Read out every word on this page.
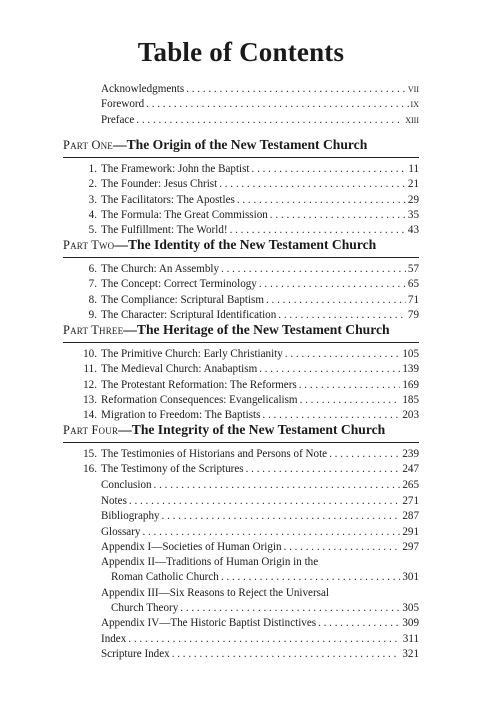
Table of Contents
Acknowledgments . . .	vii
Foreword . . .	ix
Preface . . .	xiii
Part One—The Origin of the New Testament Church
1. The Framework: John the Baptist . . .	11
2. The Founder: Jesus Christ . . .	21
3. The Facilitators: The Apostles . . .	29
4. The Formula: The Great Commission . . .	35
5. The Fulfillment: The World! . . .	43
Part Two—The Identity of the New Testament Church
6. The Church: An Assembly . . .	57
7. The Concept: Correct Terminology . . .	65
8. The Compliance: Scriptural Baptism . . .	71
9. The Character: Scriptural Identification . . .	79
Part Three—The Heritage of the New Testament Church
10. The Primitive Church: Early Christianity . . .	105
11. The Medieval Church: Anabaptism . . .	139
12. The Protestant Reformation: The Reformers . . .	169
13. Reformation Consequences: Evangelicalism . . .	185
14. Migration to Freedom: The Baptists . . .	203
Part Four—The Integrity of the New Testament Church
15. The Testimonies of Historians and Persons of Note . . .	239
16. The Testimony of the Scriptures . . .	247
Conclusion . . .	265
Notes . . .	271
Bibliography . . .	287
Glossary . . .	291
Appendix I—Societies of Human Origin . . .	297
Appendix II—Traditions of Human Origin in the
Roman Catholic Church . . .	301
Appendix III—Six Reasons to Reject the Universal
Church Theory . . .	305
Appendix IV—The Historic Baptist Distinctives . . .	309
Index . . .	311
Scripture Index . . .	321
